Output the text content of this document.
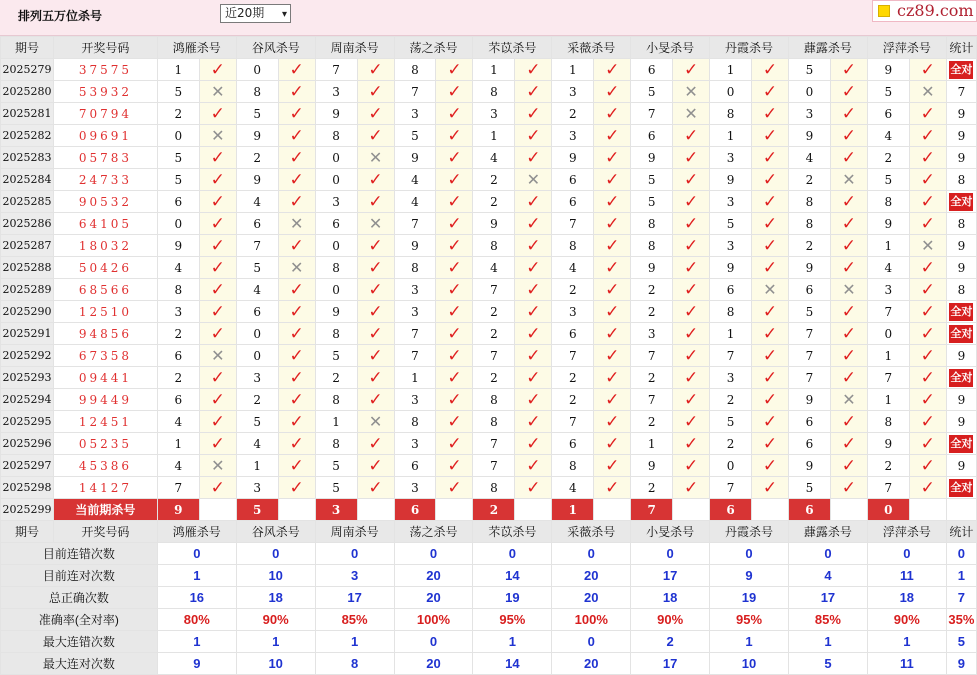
排列五万位杀号	近20期 ▾	cz89.com
期号	开奖号码	鸿雁杀号		谷风杀号		周南杀号		荡之杀号		芣苡杀号		采薇杀号		小旻杀号		丹霞杀号		蕼露杀号		浮萍杀号		统计
2025279	37575	1	✓	0	✓	7	✓	8	✓	1	✓	1	✓	6	✓	1	✓	5	✓	9	✓	全对
2025280	53932	5	✕	8	✓	3	✓	7	✓	8	✓	3	✓	5	✕	0	✓	0	✓	5	✕	7
2025281	70794	2	✓	5	✓	9	✓	3	✓	3	✓	2	✓	7	✕	8	✓	3	✓	6	✓	9
2025282	09691	0	✕	9	✓	8	✓	5	✓	1	✓	3	✓	6	✓	1	✓	9	✓	4	✓	9
2025283	05783	5	✓	2	✓	0	✕	9	✓	4	✓	9	✓	9	✓	3	✓	4	✓	2	✓	9
2025284	24733	5	✓	9	✓	0	✓	4	✓	2	✕	6	✓	5	✓	9	✓	2	✕	5	✓	8
2025285	90532	6	✓	4	✓	3	✓	4	✓	2	✓	6	✓	5	✓	3	✓	8	✓	8	✓	全对
2025286	64105	0	✓	6	✕	6	✕	7	✓	9	✓	7	✓	8	✓	5	✓	8	✓	9	✓	8
2025287	18032	9	✓	7	✓	0	✓	9	✓	8	✓	8	✓	8	✓	3	✓	2	✓	1	✕	9
2025288	50426	4	✓	5	✕	8	✓	8	✓	4	✓	4	✓	9	✓	9	✓	9	✓	4	✓	9
2025289	68566	8	✓	4	✓	0	✓	3	✓	7	✓	2	✓	2	✓	6	✕	6	✕	3	✓	8
2025290	12510	3	✓	6	✓	9	✓	3	✓	2	✓	3	✓	2	✓	8	✓	5	✓	7	✓	全对
2025291	94856	2	✓	0	✓	8	✓	7	✓	2	✓	6	✓	3	✓	1	✓	7	✓	0	✓	全对
2025292	67358	6	✕	0	✓	5	✓	7	✓	7	✓	7	✓	7	✓	7	✓	7	✓	1	✓	9
2025293	09441	2	✓	3	✓	2	✓	1	✓	2	✓	2	✓	2	✓	3	✓	7	✓	7	✓	全对
2025294	99449	6	✓	2	✓	8	✓	3	✓	8	✓	2	✓	7	✓	2	✓	9	✕	1	✓	9
2025295	12451	4	✓	5	✓	1	✕	8	✓	8	✓	7	✓	2	✓	5	✓	6	✓	8	✓	9
2025296	05235	1	✓	4	✓	8	✓	3	✓	7	✓	6	✓	1	✓	2	✓	6	✓	9	✓	全对
2025297	45386	4	✕	1	✓	5	✓	6	✓	7	✓	8	✓	9	✓	0	✓	9	✓	2	✓	9
2025298	14127	7	✓	3	✓	5	✓	3	✓	8	✓	4	✓	2	✓	7	✓	5	✓	7	✓	全对
2025299	当前期杀号	9		5		3		6		2		1		7		6		6		0		
期号	开奖号码	鸿雁杀号		谷风杀号		周南杀号		荡之杀号		芣苡杀号		采薇杀号		小旻杀号		丹霞杀号		蕼露杀号		浮萍杀号		统计
目前连错次数		0		0		0		0		0		0		0		0		0		0		0
目前连对次数		1		10		3		20		14		20		17		9		4		11		1
总正确次数		16		18		17		20		19		20		18		19		17		18		7
准确率(全对率)		80%		90%		85%		100%		95%		100%		90%		95%		85%		90%		35%
最大连错次数		1		1		1		0		1		0		2		1		1		1		5
最大连对次数		9		10		8		20		14		20		17		10		5		11		9
